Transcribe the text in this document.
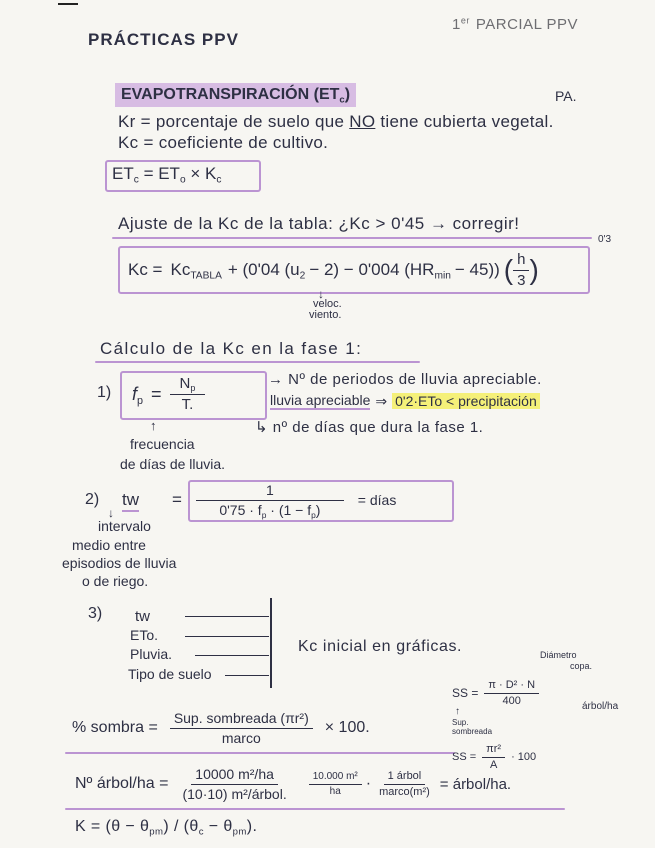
1er PARCIAL PPV
PRÁCTICAS PPV
EVAPOTRANSPIRACIÓN $(ET_c)$	PA.
Kr = porcentaje de suelo que NO tiene cubierta vegetal.
Kc = coeficiente de cultivo.
$ET_c = ET_o \times K_c$
Ajuste de la Kc de la tabla: ¿Kc > 0'45 → corregir!
0'3
$Kc = Kc_{TABLA} + (0'04$ $(u_2 - 2) - 0'004$ $(HR_{min} - 45)$) ( $\frac{h}{3}$ )
↓
veloc.
viento.
Cálculo de la Kc en la fase 1:
1) $f_p = \frac{N_p}{T.}$	→ Nº de periodos de lluvia apreciable.
lluvia apreciable ⇒ 0'2·ETo < precipitación
↳ nº de días que dura la fase 1.
↑
frecuencia
de días de lluvia.
2) tw = $\frac{1}{0'75 \cdot f_p \cdot (1 - f_p)}$ = días
↓
intervalo
medio entre
episodios de lluvia
o de riego.
3) tw
ETo.
Pluvia.
Tipo de suelo
Kc inicial en gráficas.	Diámetro
copa.
SS = $\frac{\text{π · D² · N}}{400}$	árbol/ha
↑
Sup.
sombreada
% sombra = $\frac{\text{Sup. sombreada (πr²)}}{\text{marco}} \times 100$.
SS = $\frac{\text{πr²}}{A} \cdot 100$
Nº árbol/ha = $\frac{\text{10000 m²/ha}}{\text{(10·10) m²/árbol.}} \frac{\text{10.000 m²}}{ha} \cdot \frac{\text{1 árbol}}{\text{marco(m²)}}$ = árbol/ha.
$K = (\theta - \theta_{pm}) / (\theta_c - \theta_{pm})$.
